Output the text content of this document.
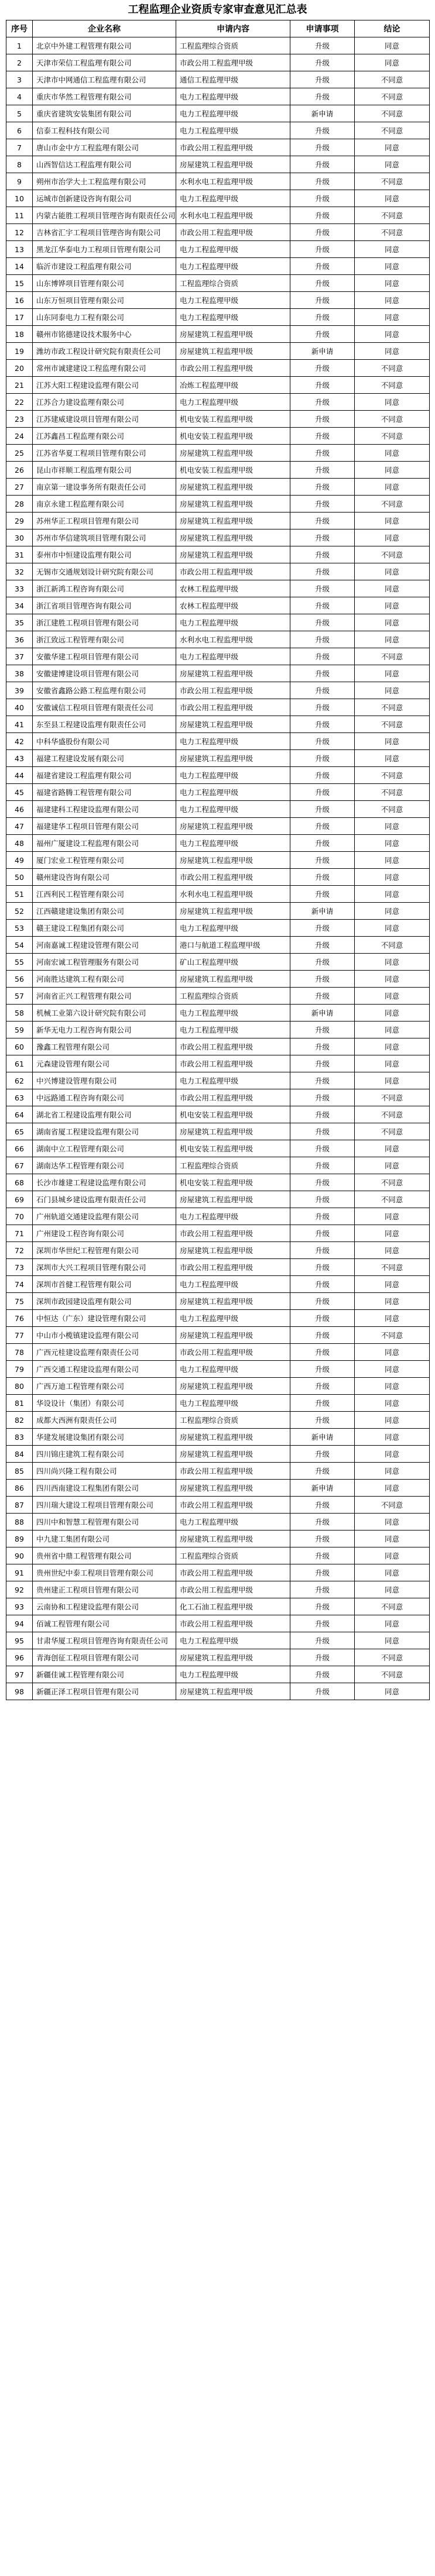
工程监理企业资质专家审查意见汇总表
序号	企业名称	申请内容	申请事项	结论
1	北京中外建工程管理有限公司	工程监理综合资质	升级	同意
2	天津市荣信工程监理有限公司	市政公用工程监理甲级	升级	同意
3	天津市中网通信工程监理有限公司	通信工程监理甲级	升级	不同意
4	重庆市华然工程管理有限公司	电力工程监理甲级	升级	不同意
5	重庆省建筑安装集团有限公司	电力工程监理甲级	新申请	不同意
6	信泰工程科技有限公司	电力工程监理甲级	升级	不同意
7	唐山市金中方工程监理有限公司	市政公用工程监理甲级	升级	同意
8	山西智信达工程监理有限公司	房屋建筑工程监理甲级	升级	同意
9	朔州市治学大土工程监理有限公司	水利水电工程监理甲级	升级	不同意
10	运城市创新建设咨询有限公司	电力工程监理甲级	升级	同意
11	内蒙古能胜工程项目管理咨询有限责任公司	水利水电工程监理甲级	升级	不同意
12	吉林省汇宇工程项目管理咨询有限公司	市政公用工程监理甲级	升级	不同意
13	黑龙江华泰电力工程项目管理有限公司	电力工程监理甲级	升级	同意
14	临沂市建设工程监理有限公司	电力工程监理甲级	升级	同意
15	山东博铧项目管理有限公司	工程监理综合资质	升级	同意
16	山东万恒项目管理有限公司	电力工程监理甲级	升级	同意
17	山东同泰电力工程有限公司	电力工程监理甲级	升级	同意
18	赣州市铭德建设技术服务中心	房屋建筑工程监理甲级	升级	同意
19	潍坊市政工程设计研究院有限责任公司	房屋建筑工程监理甲级	新申请	同意
20	常州市诚建建设工程监理有限公司	市政公用工程监理甲级	升级	不同意
21	江苏大阳工程建设监理有限公司	冶炼工程监理甲级	升级	不同意
22	江苏合力建设监理有限公司	电力工程监理甲级	升级	同意
23	江苏建威建设项目管理有限公司	机电安装工程监理甲级	升级	不同意
24	江苏鑫昌工程监理有限公司	机电安装工程监理甲级	升级	不同意
25	江苏省华夏工程项目管理有限公司	房屋建筑工程监理甲级	升级	同意
26	昆山市祥顺工程监理有限公司	机电安装工程监理甲级	升级	同意
27	南京第一建设事务所有限责任公司	房屋建筑工程监理甲级	升级	同意
28	南京永建工程监理有限公司	房屋建筑工程监理甲级	升级	不同意
29	苏州华正工程项目管理有限公司	房屋建筑工程监理甲级	升级	同意
30	苏州市华信建筑项目管理有限公司	房屋建筑工程监理甲级	升级	同意
31	泰州市中恒建设监理有限公司	房屋建筑工程监理甲级	升级	不同意
32	无锡市交通规划设计研究院有限公司	市政公用工程监理甲级	升级	同意
33	浙江新鸿工程咨询有限公司	农林工程监理甲级	升级	同意
34	浙江省项目管理咨询有限公司	农林工程监理甲级	升级	同意
35	浙江建胜工程项目管理有限公司	电力工程监理甲级	升级	同意
36	浙江致远工程管理有限公司	水利水电工程监理甲级	升级	同意
37	安徽华建工程项目管理有限公司	电力工程监理甲级	升级	不同意
38	安徽建博建设项目管理有限公司	房屋建筑工程监理甲级	升级	同意
39	安徽省鑫路公路工程监理有限公司	市政公用工程监理甲级	升级	同意
40	安徽诚信工程项目管理有限责任公司	市政公用工程监理甲级	升级	不同意
41	东至县工程建设监理有限责任公司	房屋建筑工程监理甲级	升级	不同意
42	中科华盛股份有限公司	电力工程监理甲级	升级	同意
43	福建工程建设发展有限公司	房屋建筑工程监理甲级	升级	同意
44	福建省建设工程监理有限公司	电力工程监理甲级	升级	不同意
45	福建省路腾工程管理有限公司	电力工程监理甲级	升级	不同意
46	福建建科工程建设监理有限公司	电力工程监理甲级	升级	不同意
47	福建建华工程项目管理有限公司	房屋建筑工程监理甲级	升级	同意
48	福州广厦建设工程监理有限公司	电力工程监理甲级	升级	同意
49	厦门宏业工程管理有限公司	房屋建筑工程监理甲级	升级	同意
50	赣州建设咨询有限公司	市政公用工程监理甲级	升级	同意
51	江西利民工程管理有限公司	水利水电工程监理甲级	升级	同意
52	江西赣建建设集团有限公司	房屋建筑工程监理甲级	新申请	同意
53	赣王建设工程集团有限公司	电力工程监理甲级	升级	同意
54	河南嘉诚工程建设管理有限公司	港口与航道工程监理甲级	升级	不同意
55	河南宏诚工程管理服务有限公司	矿山工程监理甲级	升级	同意
56	河南胜达建筑工程有限公司	房屋建筑工程监理甲级	升级	同意
57	河南省正兴工程管理有限公司	工程监理综合资质	升级	同意
58	机械工业第六设计研究院有限公司	电力工程监理甲级	新申请	同意
59	新华无电力工程咨询有限公司	电力工程监理甲级	升级	同意
60	豫鑫工程管理有限公司	市政公用工程监理甲级	升级	同意
61	元森建设管理有限公司	市政公用工程监理甲级	升级	同意
62	中兴博建设管理有限公司	电力工程监理甲级	升级	同意
63	中远路通工程咨询有限公司	市政公用工程监理甲级	升级	不同意
64	湖北省工程建设监理有限公司	机电安装工程监理甲级	升级	不同意
65	湖南省厦工程建设监理有限公司	房屋建筑工程监理甲级	升级	不同意
66	湖南中立工程管理有限公司	机电安装工程监理甲级	升级	同意
67	湖南达华工程管理有限公司	工程监理综合资质	升级	同意
68	长沙市雄建工程建设监理有限公司	机电安装工程监理甲级	升级	不同意
69	石门县城乡建设监理有限责任公司	房屋建筑工程监理甲级	升级	不同意
70	广州轨道交通建设监理有限公司	电力工程监理甲级	升级	同意
71	广州建设工程咨询有限公司	市政公用工程监理甲级	升级	同意
72	深圳市华世纪工程管理有限公司	房屋建筑工程监理甲级	升级	同意
73	深圳市大兴工程项目管理有限公司	市政公用工程监理甲级	升级	不同意
74	深圳市首健工程管理有限公司	电力工程监理甲级	升级	同意
75	深圳市政园建设监理有限公司	房屋建筑工程监理甲级	升级	同意
76	中恒达（广东）建设管理有限公司	电力工程监理甲级	升级	同意
77	中山市小榄镇建设监理有限公司	房屋建筑工程监理甲级	升级	不同意
78	广西元桂建设监理有限责任公司	市政公用工程监理甲级	升级	同意
79	广西交通工程建设监理有限公司	电力工程监理甲级	升级	同意
80	广西万迪工程管理有限公司	房屋建筑工程监理甲级	升级	同意
81	华设设计（集团）有限公司	电力工程监理甲级	升级	同意
82	成都大西洲有限责任公司	工程监理综合资质	升级	同意
83	华建发展建设集团有限公司	房屋建筑工程监理甲级	新申请	同意
84	四川锦庄建筑工程有限公司	房屋建筑工程监理甲级	升级	同意
85	四川尚兴隆工程有限公司	市政公用工程监理甲级	升级	同意
86	四川西南建设工程集团有限公司	房屋建筑工程监理甲级	新申请	同意
87	四川瑞大建设工程项目管理有限公司	市政公用工程监理甲级	升级	不同意
88	四川中和智慧工程管理有限公司	电力工程监理甲级	升级	同意
89	中九建工集团有限公司	房屋建筑工程监理甲级	升级	同意
90	贵州省中鼎工程管理有限公司	工程监理综合资质	升级	同意
91	贵州世纪中泰工程项目管理有限公司	市政公用工程监理甲级	升级	同意
92	贵州建正工程项目管理有限公司	市政公用工程监理甲级	升级	同意
93	云南协和工程建设监理有限公司	化工石油工程监理甲级	升级	不同意
94	佰诚工程管理有限公司	市政公用工程监理甲级	升级	同意
95	甘肃华厦工程项目管理咨询有限责任公司	电力工程监理甲级	升级	同意
96	青海创征工程项目管理有限公司	房屋建筑工程监理甲级	升级	不同意
97	新疆佳诚工程管理有限公司	电力工程监理甲级	升级	不同意
98	新疆正泽工程项目管理有限公司	房屋建筑工程监理甲级	升级	同意
